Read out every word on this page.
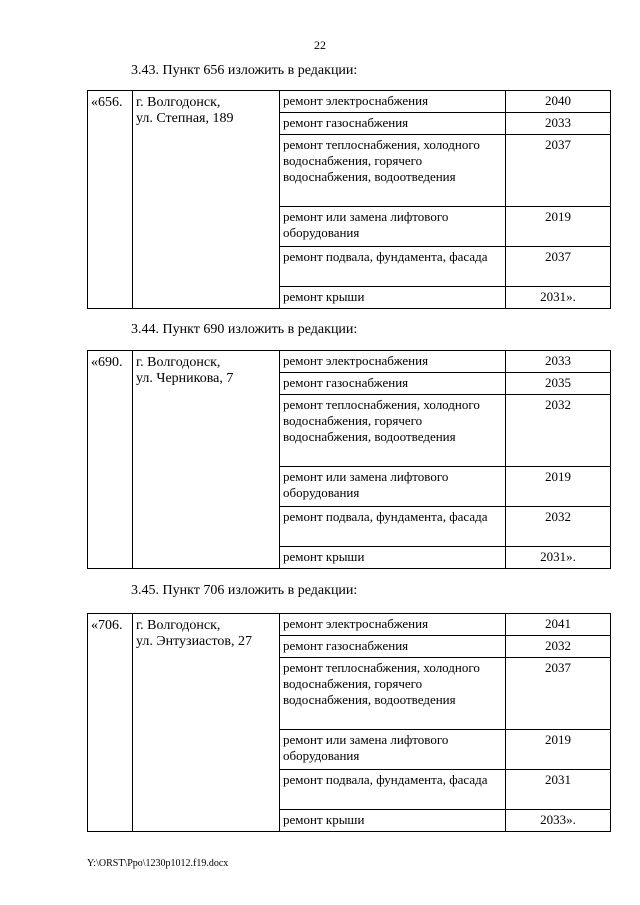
22
3.43. Пункт 656 изложить в редакции:
«656.	г. Волгодонск,
ул. Степная, 189	ремонт электроснабжения	2040
		ремонт газоснабжения	2033
		ремонт теплоснабжения, холодного водоснабжения, горячего водоснабжения, водоотведения	2037
		ремонт или замена лифтового оборудования	2019
		ремонт подвала, фундамента, фасада	2037
		ремонт крыши	2031».
3.44. Пункт 690 изложить в редакции:
«690.	г. Волгодонск,
ул. Черникова, 7	ремонт электроснабжения	2033
		ремонт газоснабжения	2035
		ремонт теплоснабжения, холодного водоснабжения, горячего водоснабжения, водоотведения	2032
		ремонт или замена лифтового оборудования	2019
		ремонт подвала, фундамента, фасада	2032
		ремонт крыши	2031».
3.45. Пункт 706 изложить в редакции:
«706.	г. Волгодонск,
ул. Энтузиастов, 27	ремонт электроснабжения	2041
		ремонт газоснабжения	2032
		ремонт теплоснабжения, холодного водоснабжения, горячего водоснабжения, водоотведения	2037
		ремонт или замена лифтового оборудования	2019
		ремонт подвала, фундамента, фасада	2031
		ремонт крыши	2033».
Y:\ORST\Ppo\1230p1012.f19.docx
